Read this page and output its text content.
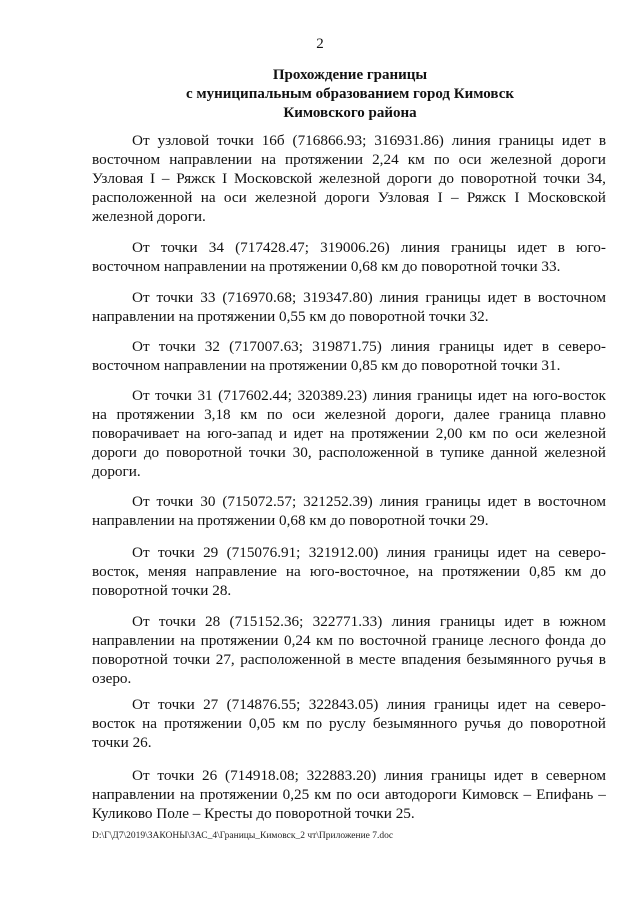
2
Прохождение границы
с муниципальным образованием город Кимовск
Кимовского района
От узловой точки 16б (716866.93; 316931.86) линия границы идет в
восточном направлении на протяжении 2,24 км по оси железной дороги
Узловая I – Ряжск I Московской железной дороги до поворотной точки 34,
расположенной на оси железной дороги Узловая I – Ряжск I Московской
железной дороги.
От точки 34 (717428.47; 319006.26) линия границы идет в юго-
восточном направлении на протяжении 0,68 км до поворотной точки 33.
От точки 33 (716970.68; 319347.80) линия границы идет в восточном
направлении на протяжении 0,55 км до поворотной точки 32.
От точки 32 (717007.63; 319871.75) линия границы идет в северо-
восточном направлении на протяжении 0,85 км до поворотной точки 31.
От точки 31 (717602.44; 320389.23) линия границы идет на юго-восток
на протяжении 3,18 км по оси железной дороги, далее граница плавно
поворачивает на юго-запад и идет на протяжении 2,00 км по оси железной
дороги до поворотной точки 30, расположенной в тупике данной железной
дороги.
От точки 30 (715072.57; 321252.39) линия границы идет в восточном
направлении на протяжении 0,68 км до поворотной точки 29.
От точки 29 (715076.91; 321912.00) линия границы идет на северо-
восток, меняя направление на юго-восточное, на протяжении 0,85 км до
поворотной точки 28.
От точки 28 (715152.36; 322771.33) линия границы идет в южном
направлении на протяжении 0,24 км по восточной границе лесного фонда до
поворотной точки 27, расположенной в месте впадения безымянного ручья в
озеро.
От точки 27 (714876.55; 322843.05) линия границы идет на северо-
восток на протяжении 0,05 км по руслу безымянного ручья до поворотной
точки 26.
От точки 26 (714918.08; 322883.20) линия границы идет в северном
направлении на протяжении 0,25 км по оси автодороги Кимовск – Епифань –
Куликово Поле – Кресты до поворотной точки 25.
D:\Г\Д7\2019\ЗАКОНЫ\ЗАС_4\Границы_Кимовск_2 чт\Приложение 7.doc
